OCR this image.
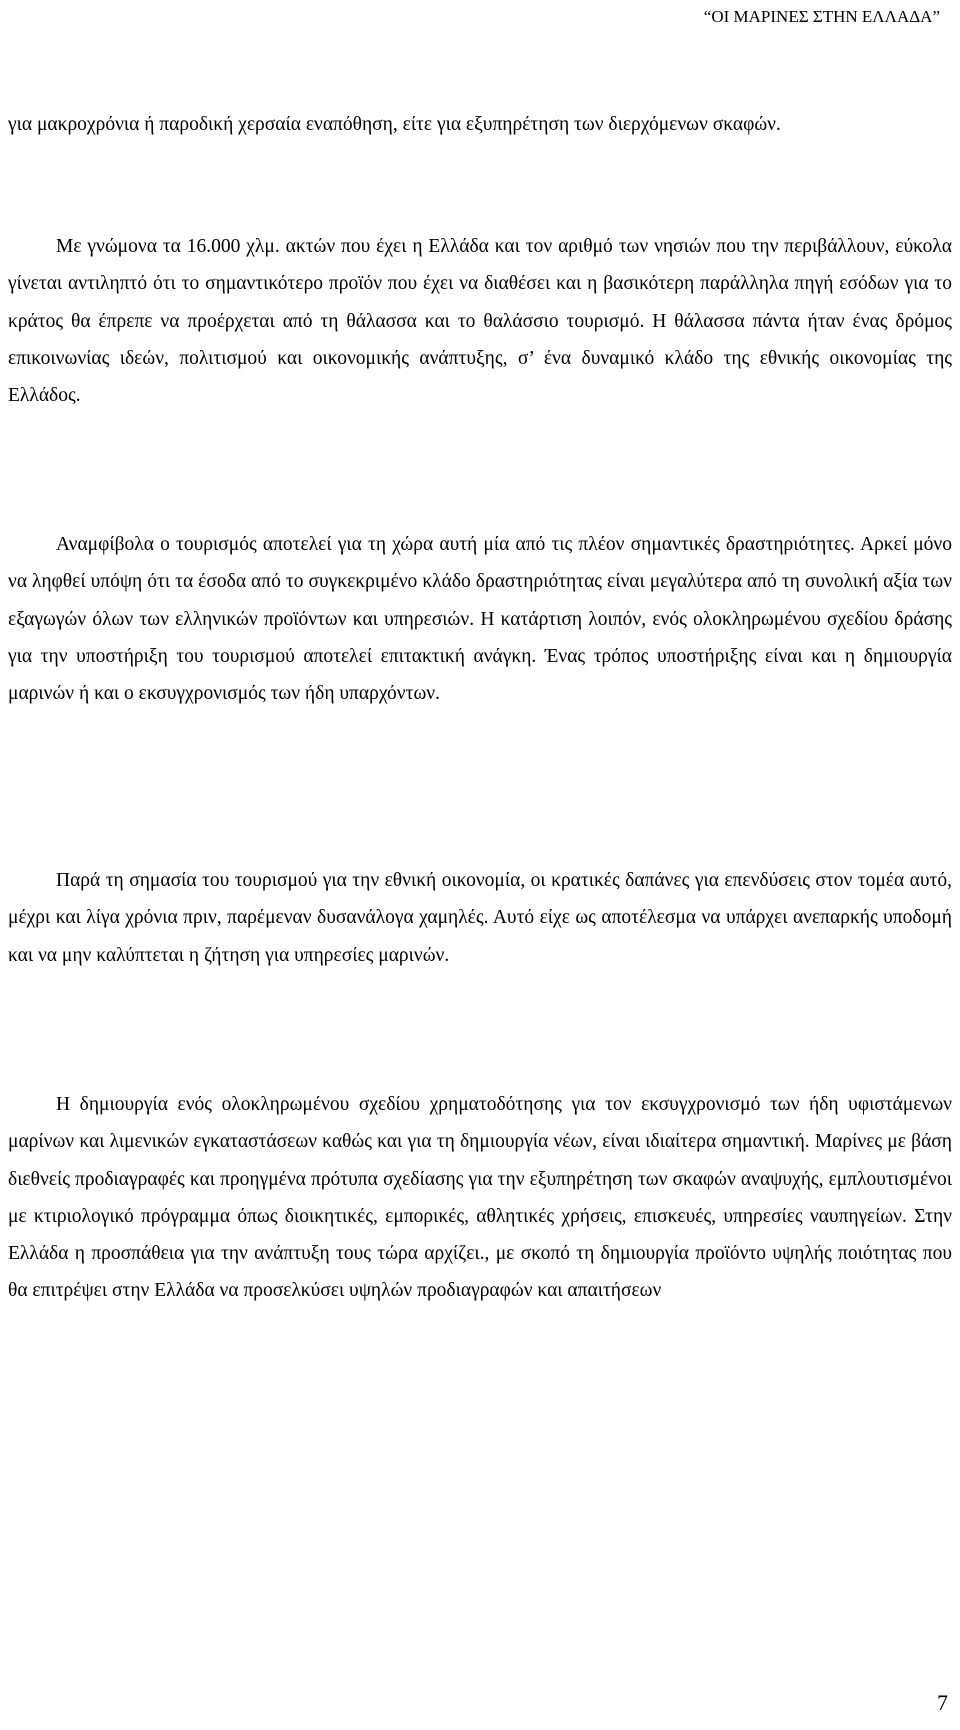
“ΟΙ ΜΑΡΙΝΕΣ ΣΤΗΝ ΕΛΛΑΔΑ”

για μακροχρόνια ή παροδική χερσαία εναπόθηση, είτε για εξυπηρέτηση των διερχόμενων σκαφών.

Με γνώμονα τα 16.000 χλμ. ακτών που έχει η Ελλάδα και τον αριθμό των νησιών που την περιβάλλουν, εύκολα γίνεται αντιληπτό ότι το σημαντικότερο προϊόν που έχει να διαθέσει και η βασικότερη παράλληλα πηγή εσόδων για το κράτος θα έπρεπε να προέρχεται από τη θάλασσα και το θαλάσσιο τουρισμό. Η θάλασσα πάντα ήταν ένας δρόμος επικοινωνίας ιδεών, πολιτισμού και οικονομικής ανάπτυξης, σ’ ένα δυναμικό κλάδο της εθνικής οικονομίας της Ελλάδος.

Αναμφίβολα ο τουρισμός αποτελεί για τη χώρα αυτή μία από τις πλέον σημαντικές δραστηριότητες. Αρκεί μόνο να ληφθεί υπόψη ότι τα έσοδα από το συγκεκριμένο κλάδο δραστηριότητας είναι μεγαλύτερα από τη συνολική αξία των εξαγωγών όλων των ελληνικών προϊόντων και υπηρεσιών. Η κατάρτιση λοιπόν, ενός ολοκληρωμένου σχεδίου δράσης για την υποστήριξη του τουρισμού αποτελεί επιτακτική ανάγκη. Ένας τρόπος υποστήριξης είναι και η δημιουργία μαρινών ή και ο εκσυγχρονισμός των ήδη υπαρχόντων.

Παρά τη σημασία του τουρισμού για την εθνική οικονομία, οι κρατικές δαπάνες για επενδύσεις στον τομέα αυτό, μέχρι και λίγα χρόνια πριν, παρέμεναν δυσανάλογα χαμηλές. Αυτό είχε ως αποτέλεσμα να υπάρχει ανεπαρκής υποδομή και να μην καλύπτεται η ζήτηση για υπηρεσίες μαρινών.

Η δημιουργία ενός ολοκληρωμένου σχεδίου χρηματοδότησης για τον εκσυγχρονισμό των ήδη υφιστάμενων μαρίνων και λιμενικών εγκαταστάσεων καθώς και για τη δημιουργία νέων, είναι ιδιαίτερα σημαντική. Μαρίνες με βάση διεθνείς προδιαγραφές και προηγμένα πρότυπα σχεδίασης για την εξυπηρέτηση των σκαφών αναψυχής, εμπλουτισμένοι με κτιριολογικό πρόγραμμα όπως διοικητικές, εμπορικές, αθλητικές χρήσεις, επισκευές, υπηρεσίες ναυπηγείων. Στην Ελλάδα η προσπάθεια για την ανάπτυξη τους τώρα αρχίζει., με σκοπό τη δημιουργία προϊόντο υψηλής ποιότητας που θα επιτρέψει στην Ελλάδα να προσελκύσει υψηλών προδιαγραφών και απαιτήσεων

7
